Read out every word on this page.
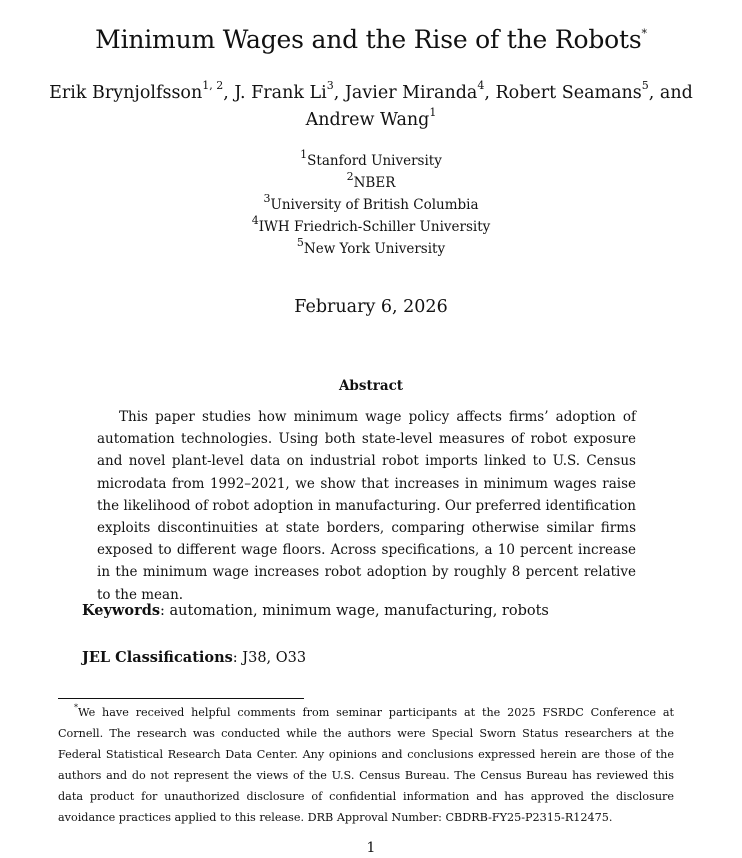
Minimum Wages and the Rise of the Robots*
Erik Brynjolfsson$^{1, 2}$, J. Frank Li$^3$, Javier Miranda$^4$, Robert Seamans$^5$, and
Andrew Wang$^1$
$^1$Stanford University
$^2$NBER
$^3$University of British Columbia
$^4$IWH Friedrich-Schiller University
$^5$New York University
February 6, 2026
Abstract
This paper studies how minimum wage policy affects firms’ adoption of automation technologies. Using both state-level measures of robot exposure and novel plant-level data on industrial robot imports linked to U.S. Census microdata from 1992–2021, we show that increases in minimum wages raise the likelihood of robot adoption in manufacturing. Our preferred identification exploits discontinuities at state borders, comparing otherwise similar firms exposed to different wage floors. Across specifications, a 10 percent increase in the minimum wage increases robot adoption by roughly 8 percent relative to the mean.
Keywords: automation, minimum wage, manufacturing, robots
JEL Classifications: J38, O33
*We have received helpful comments from seminar participants at the 2025 FSRDC Conference at Cornell. The research was conducted while the authors were Special Sworn Status researchers at the Federal Statistical Research Data Center. Any opinions and conclusions expressed herein are those of the authors and do not represent the views of the U.S. Census Bureau. The Census Bureau has reviewed this data product for unauthorized disclosure of confidential information and has approved the disclosure avoidance practices applied to this release. DRB Approval Number: CBDRB-FY25-P2315-R12475.
1
